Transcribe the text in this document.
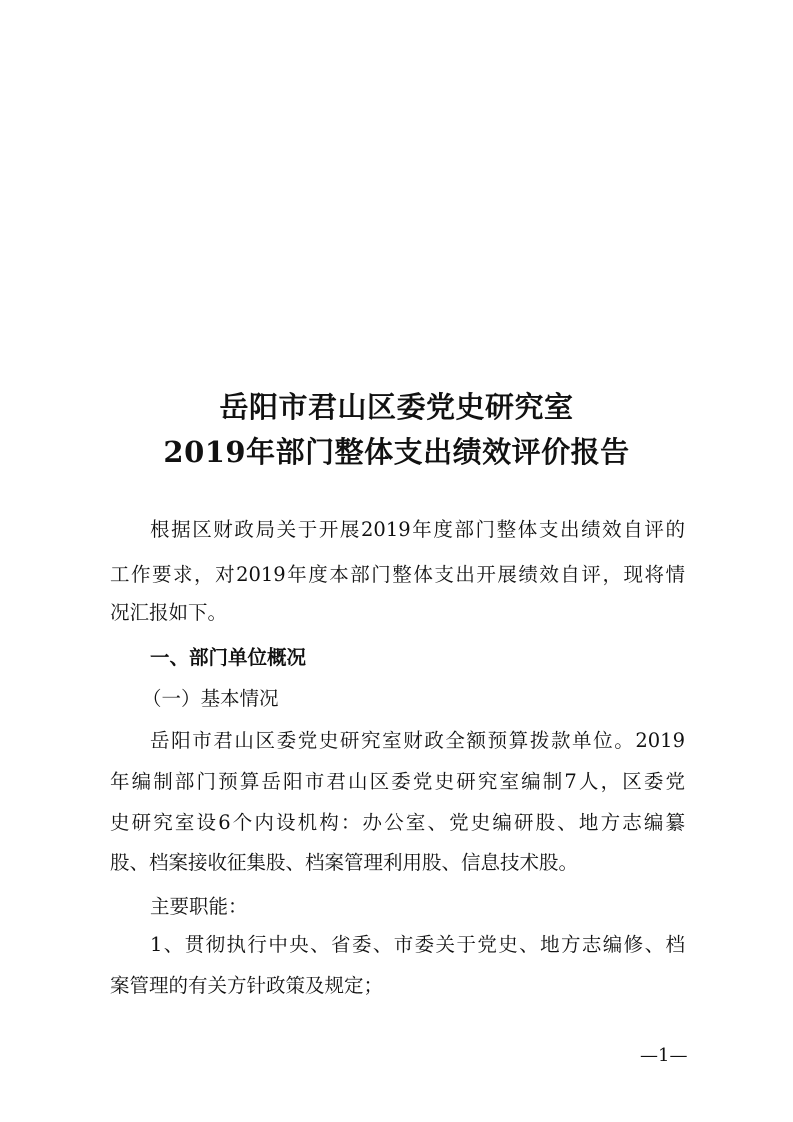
岳阳市君山区委党史研究室
2019年部门整体支出绩效评价报告
根据区财政局关于开展2019年度部门整体支出绩效自评的
工作要求，对2019年度本部门整体支出开展绩效自评，现将情
况汇报如下。
一、部门单位概况
（一）基本情况
岳阳市君山区委党史研究室财政全额预算拨款单位。2019
年编制部门预算岳阳市君山区委党史研究室编制7人，区委党
史研究室设6个内设机构：办公室、党史编研股、地方志编纂
股、档案接收征集股、档案管理利用股、信息技术股。
主要职能：
1、贯彻执行中央、省委、市委关于党史、地方志编修、档
案管理的有关方针政策及规定；
—1—
